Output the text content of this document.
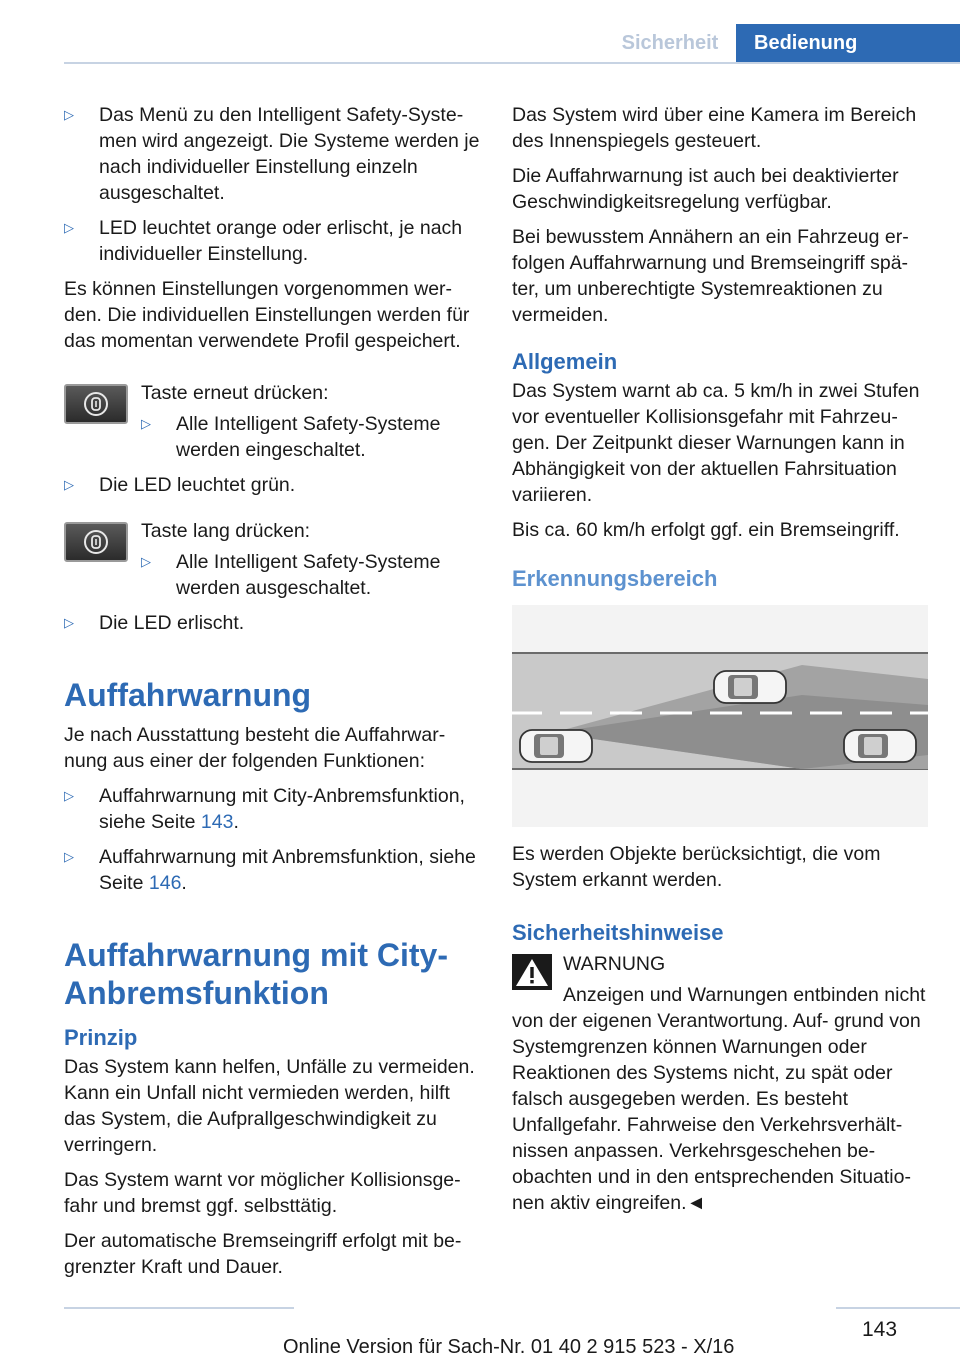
Sicherheit	Bedienung
▷ Das Menü zu den Intelligent Safety-Syste‐ men wird angezeigt. Die Systeme werden je nach individueller Einstellung einzeln ausgeschaltet.
▷ LED leuchtet orange oder erlischt, je nach individueller Einstellung.

Es können Einstellungen vorgenommen wer‐ den. Die individuellen Einstellungen werden für das momentan verwendete Profil gespeichert.

Taste erneut drücken:

▷ Alle Intelligent Safety-Systeme werden eingeschaltet.
▷ Die LED leuchtet grün.

Taste lang drücken:

▷ Alle Intelligent Safety-Systeme werden ausgeschaltet.
▷ Die LED erlischt.
Auffahrwarnung

Je nach Ausstattung besteht die Auffahrwar‐ nung aus einer der folgenden Funktionen:

▷ Auffahrwarnung mit City-Anbremsfunktion, siehe Seite 143.
▷ Auffahrwarnung mit Anbremsfunktion, siehe Seite 146.
Auffahrwarnung mit City-Anbremsfunktion
Prinzip

Das System kann helfen, Unfälle zu vermeiden. Kann ein Unfall nicht vermieden werden, hilft das System, die Aufprallgeschwindigkeit zu verringern.

Das System warnt vor möglicher Kollisionsge‐ fahr und bremst ggf. selbsttätig.

Der automatische Bremseingriff erfolgt mit be‐ grenzter Kraft und Dauer.

Das System wird über eine Kamera im Bereich des Innenspiegels gesteuert.

Die Auffahrwarnung ist auch bei deaktivierter Geschwindigkeitsregelung verfügbar.

Bei bewusstem Annähern an ein Fahrzeug er‐ folgen Auffahrwarnung und Bremseingriff spä‐ ter, um unberechtigte Systemreaktionen zu vermeiden.

Allgemein

Das System warnt ab ca. 5 km/h in zwei Stufen vor eventueller Kollisionsgefahr mit Fahrzeu‐ gen. Der Zeitpunkt dieser Warnungen kann in Abhängigkeit von der aktuellen Fahrsituation variieren.

Bis ca. 60 km/h erfolgt ggf. ein Bremseingriff.

Erkennungsbereich

Es werden Objekte berücksichtigt, die vom System erkannt werden.

Sicherheitshinweise
WARNUNG

Anzeigen und Warnungen entbinden nicht von der eigenen Verantwortung. Auf‐ grund von Systemgrenzen können Warnungen oder Reaktionen des Systems nicht, zu spät oder falsch ausgegeben werden. Es besteht Unfallgefahr. Fahrweise den Verkehrsverhält‐ nissen anpassen. Verkehrsgeschehen be‐ obachten und in den entsprechenden Situatio‐ nen aktiv eingreifen.◄

143
Online Version für Sach-Nr. 01 40 2 915 523 - X/16
